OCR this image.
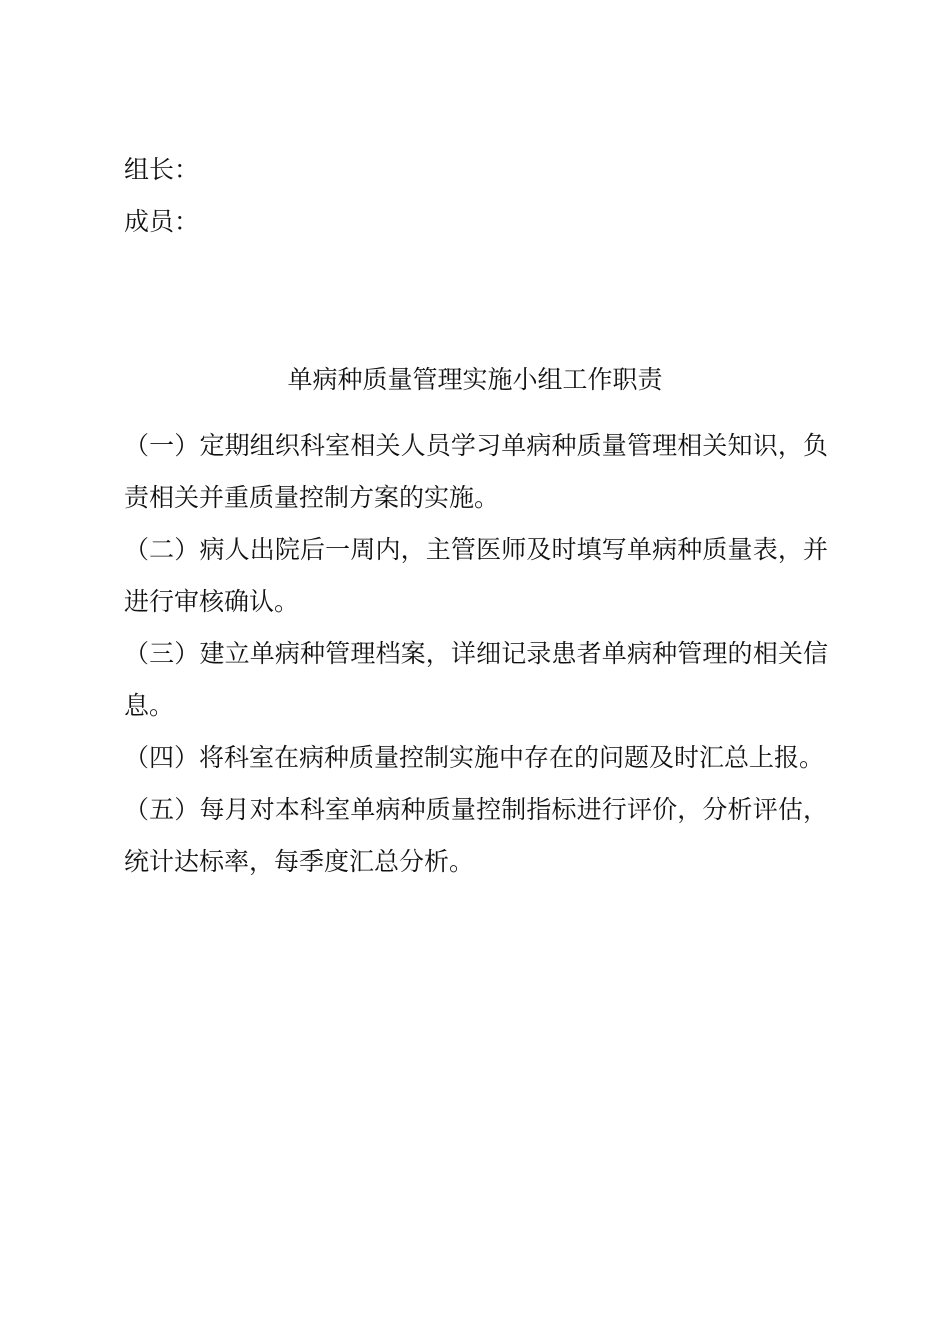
组长：
成员：
单病种质量管理实施小组工作职责

（一）定期组织科室相关人员学习单病种质量管理相关知识，负责相关并重质量控制方案的实施。

（二）病人出院后一周内，主管医师及时填写单病种质量表，并进行审核确认。

（三）建立单病种管理档案，详细记录患者单病种管理的相关信息。

（四）将科室在病种质量控制实施中存在的问题及时汇总上报。

（五）每月对本科室单病种质量控制指标进行评价，分析评估，统计达标率，每季度汇总分析。
